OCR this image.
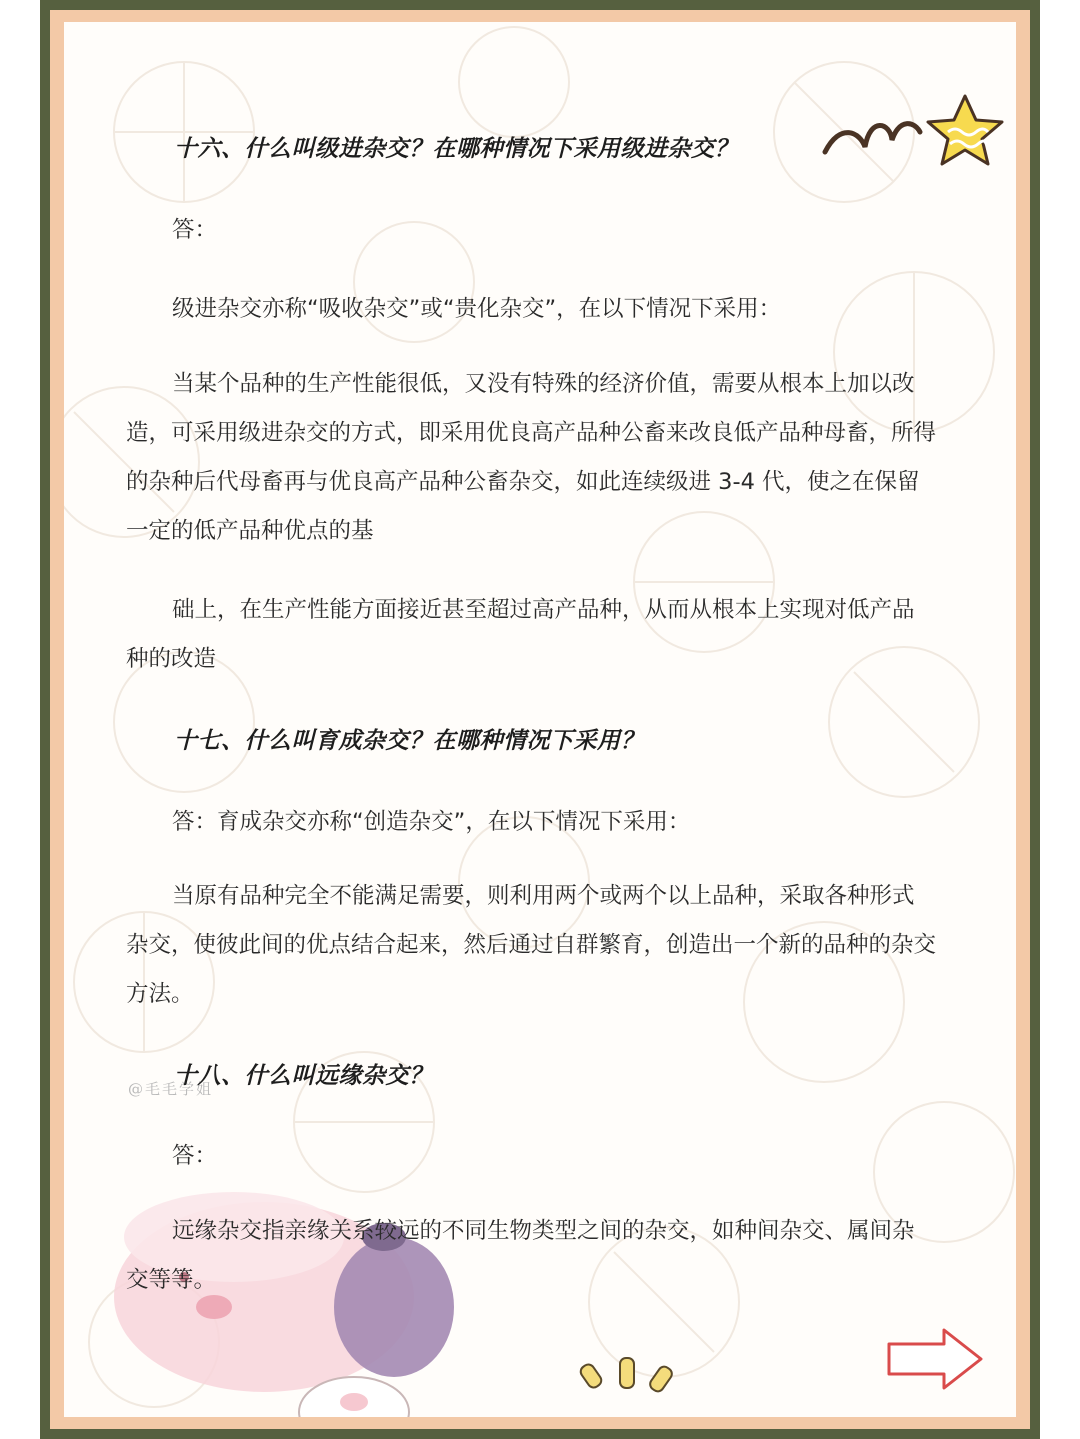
@毛毛学姐
十六、什么叫级进杂交？在哪种情况下采用级进杂交？
答：
级进杂交亦称“吸收杂交”或“贵化杂交”，在以下情况下采用：
当某个品种的生产性能很低，又没有特殊的经济价值，需要从根本上加以改造，可采用级进杂交的方式，即采用优良高产品种公畜来改良低产品种母畜，所得的杂种后代母畜再与优良高产品种公畜杂交，如此连续级进 3-4 代，使之在保留一定的低产品种优点的基
础上，在生产性能方面接近甚至超过高产品种，从而从根本上实现对低产品种的改造
十七、什么叫育成杂交？在哪种情况下采用？
答：育成杂交亦称“创造杂交”，在以下情况下采用：
当原有品种完全不能满足需要，则利用两个或两个以上品种，采取各种形式杂交，使彼此间的优点结合起来，然后通过自群繁育，创造出一个新的品种的杂交方法。
十八、什么叫远缘杂交？
答：
远缘杂交指亲缘关系较远的不同生物类型之间的杂交，如种间杂交、属间杂交等等。
